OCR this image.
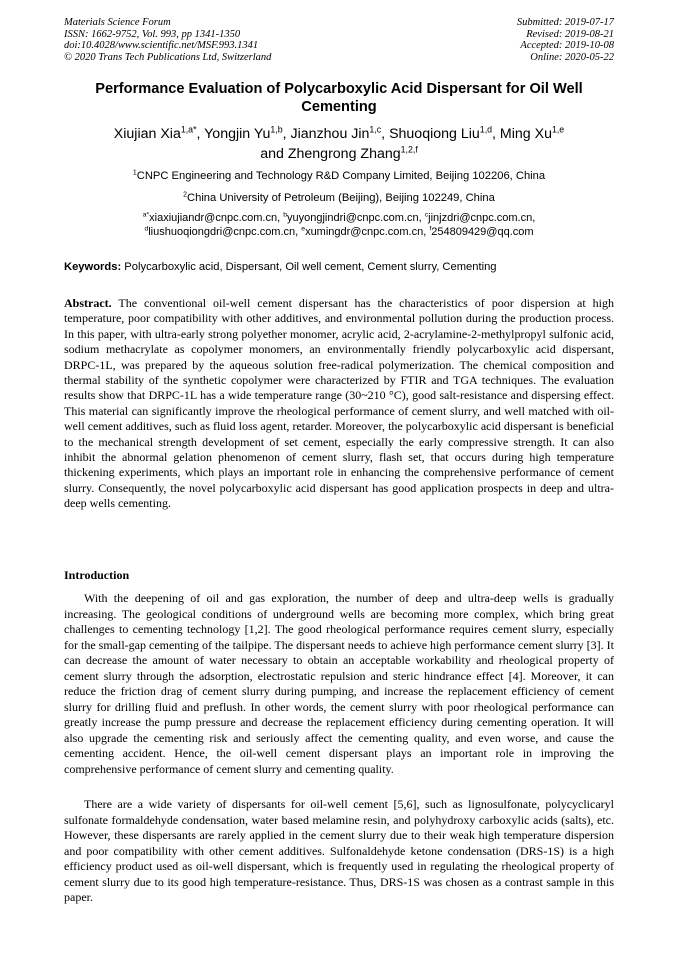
Materials Science Forum
ISSN: 1662-9752, Vol. 993, pp 1341-1350
doi:10.4028/www.scientific.net/MSF.993.1341
© 2020 Trans Tech Publications Ltd, Switzerland
Submitted: 2019-07-17
Revised: 2019-08-21
Accepted: 2019-10-08
Online: 2020-05-22
Performance Evaluation of Polycarboxylic Acid Dispersant for Oil Well Cementing
Xiujian Xia$^{1,a*}$, Yongjin Yu$^{1,b}$, Jianzhou Jin$^{1,c}$, Shuoqiong Liu$^{1,d}$, Ming Xu$^{1,e}$
and Zhengrong Zhang$^{1,2,f}$
$^1$CNPC Engineering and Technology R&D Company Limited, Beijing 102206, China
$^2$China University of Petroleum (Beijing), Beijing 102249, China
$^{a*}$xiaxiujiandr@cnpc.com.cn, $^b$yuyongjindri@cnpc.com.cn, $^c$jinjzdri@cnpc.com.cn,
$^d$liushuoqiongdri@cnpc.com.cn, $^e$xumingdr@cnpc.com.cn, $^f$254809429@qq.com
Keywords: Polycarboxylic acid, Dispersant, Oil well cement, Cement slurry, Cementing

Abstract. The conventional oil-well cement dispersant has the characteristics of poor dispersion at high temperature, poor compatibility with other additives, and environmental pollution during the production process. In this paper, with ultra-early strong polyether monomer, acrylic acid, 2-acrylamine-2-methylpropyl sulfonic acid, sodium methacrylate as copolymer monomers, an environmentally friendly polycarboxylic acid dispersant, DRPC-1L, was prepared by the aqueous solution free-radical polymerization. The chemical composition and thermal stability of the synthetic copolymer were characterized by FTIR and TGA techniques. The evaluation results show that DRPC-1L has a wide temperature range (30~210 °C), good salt-resistance and dispersing effect. This material can significantly improve the rheological performance of cement slurry, and well matched with oil-well cement additives, such as fluid loss agent, retarder. Moreover, the polycarboxylic acid dispersant is beneficial to the mechanical strength development of set cement, especially the early compressive strength. It can also inhibit the abnormal gelation phenomenon of cement slurry, flash set, that occurs during high temperature thickening experiments, which plays an important role in enhancing the comprehensive performance of cement slurry. Consequently, the novel polycarboxylic acid dispersant has good application prospects in deep and ultra-deep wells cementing.

Introduction

With the deepening of oil and gas exploration, the number of deep and ultra-deep wells is gradually increasing. The geological conditions of underground wells are becoming more complex, which bring great challenges to cementing technology [1,2]. The good rheological performance requires cement slurry, especially for the small-gap cementing of the tailpipe. The dispersant needs to achieve high performance cement slurry [3]. It can decrease the amount of water necessary to obtain an acceptable workability and rheological property of cement slurry through the adsorption, electrostatic repulsion and steric hindrance effect [4]. Moreover, it can reduce the friction drag of cement slurry during pumping, and increase the replacement efficiency of cement slurry for drilling fluid and preflush. In other words, the cement slurry with poor rheological performance can greatly increase the pump pressure and decrease the replacement efficiency during cementing operation. It will also upgrade the cementing risk and seriously affect the cementing quality, and even worse, and cause the cementing accident. Hence, the oil-well cement dispersant plays an important role in improving the comprehensive performance of cement slurry and cementing quality.

There are a wide variety of dispersants for oil-well cement [5,6], such as lignosulfonate, polycyclicaryl sulfonate formaldehyde condensation, water based melamine resin, and polyhydroxy carboxylic acids (salts), etc. However, these dispersants are rarely applied in the cement slurry due to their weak high temperature dispersion and poor compatibility with other cement additives. Sulfonaldehyde ketone condensation (DRS-1S) is a high efficiency product used as oil-well dispersant, which is frequently used in regulating the rheological property of cement slurry due to its good high temperature-resistance. Thus, DRS-1S was chosen as a contrast sample in this paper.
